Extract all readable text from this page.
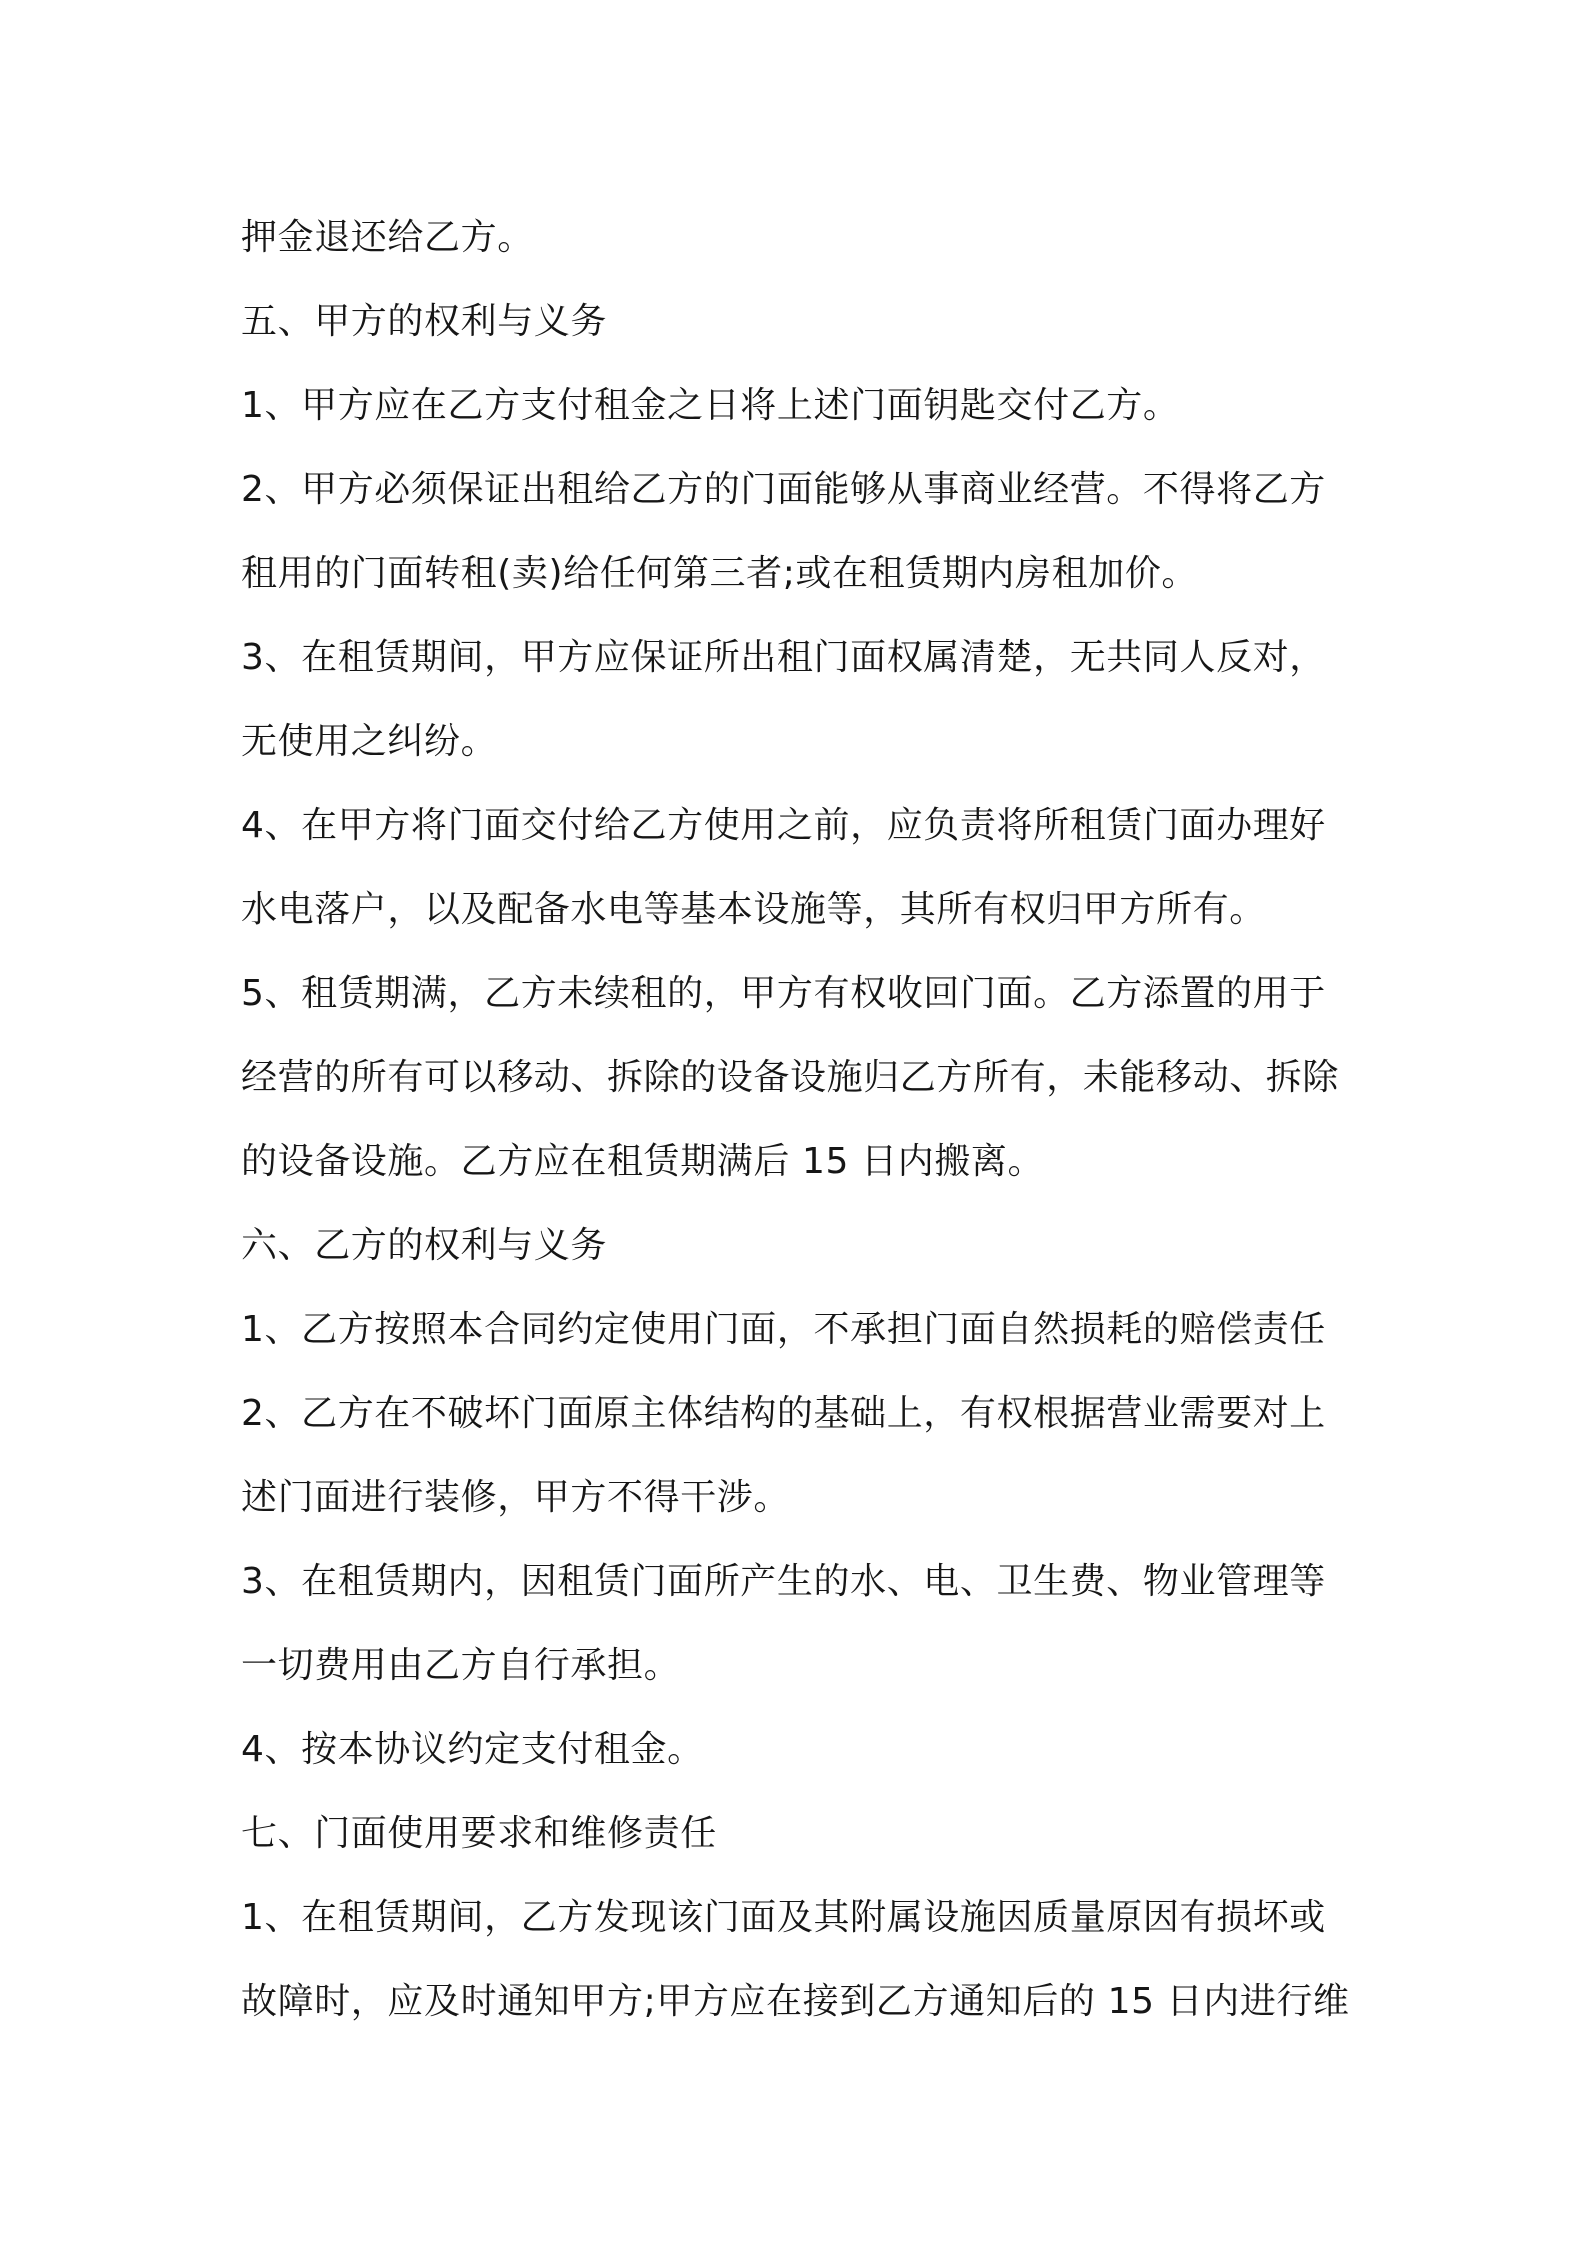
押金退还给乙方。
五、甲方的权利与义务
1、甲方应在乙方支付租金之日将上述门面钥匙交付乙方。
2、甲方必须保证出租给乙方的门面能够从事商业经营。不得将乙方
租用的门面转租(卖)给任何第三者;或在租赁期内房租加价。
3、在租赁期间，甲方应保证所出租门面权属清楚，无共同人反对，
无使用之纠纷。
4、在甲方将门面交付给乙方使用之前，应负责将所租赁门面办理好
水电落户，以及配备水电等基本设施等，其所有权归甲方所有。
5、租赁期满，乙方未续租的，甲方有权收回门面。乙方添置的用于
经营的所有可以移动、拆除的设备设施归乙方所有，未能移动、拆除
的设备设施。乙方应在租赁期满后 15 日内搬离。
六、乙方的权利与义务
1、乙方按照本合同约定使用门面，不承担门面自然损耗的赔偿责任
2、乙方在不破坏门面原主体结构的基础上，有权根据营业需要对上
述门面进行装修，甲方不得干涉。
3、在租赁期内，因租赁门面所产生的水、电、卫生费、物业管理等
一切费用由乙方自行承担。
4、按本协议约定支付租金。
七、门面使用要求和维修责任
1、在租赁期间，乙方发现该门面及其附属设施因质量原因有损坏或
故障时，应及时通知甲方;甲方应在接到乙方通知后的 15 日内进行维
